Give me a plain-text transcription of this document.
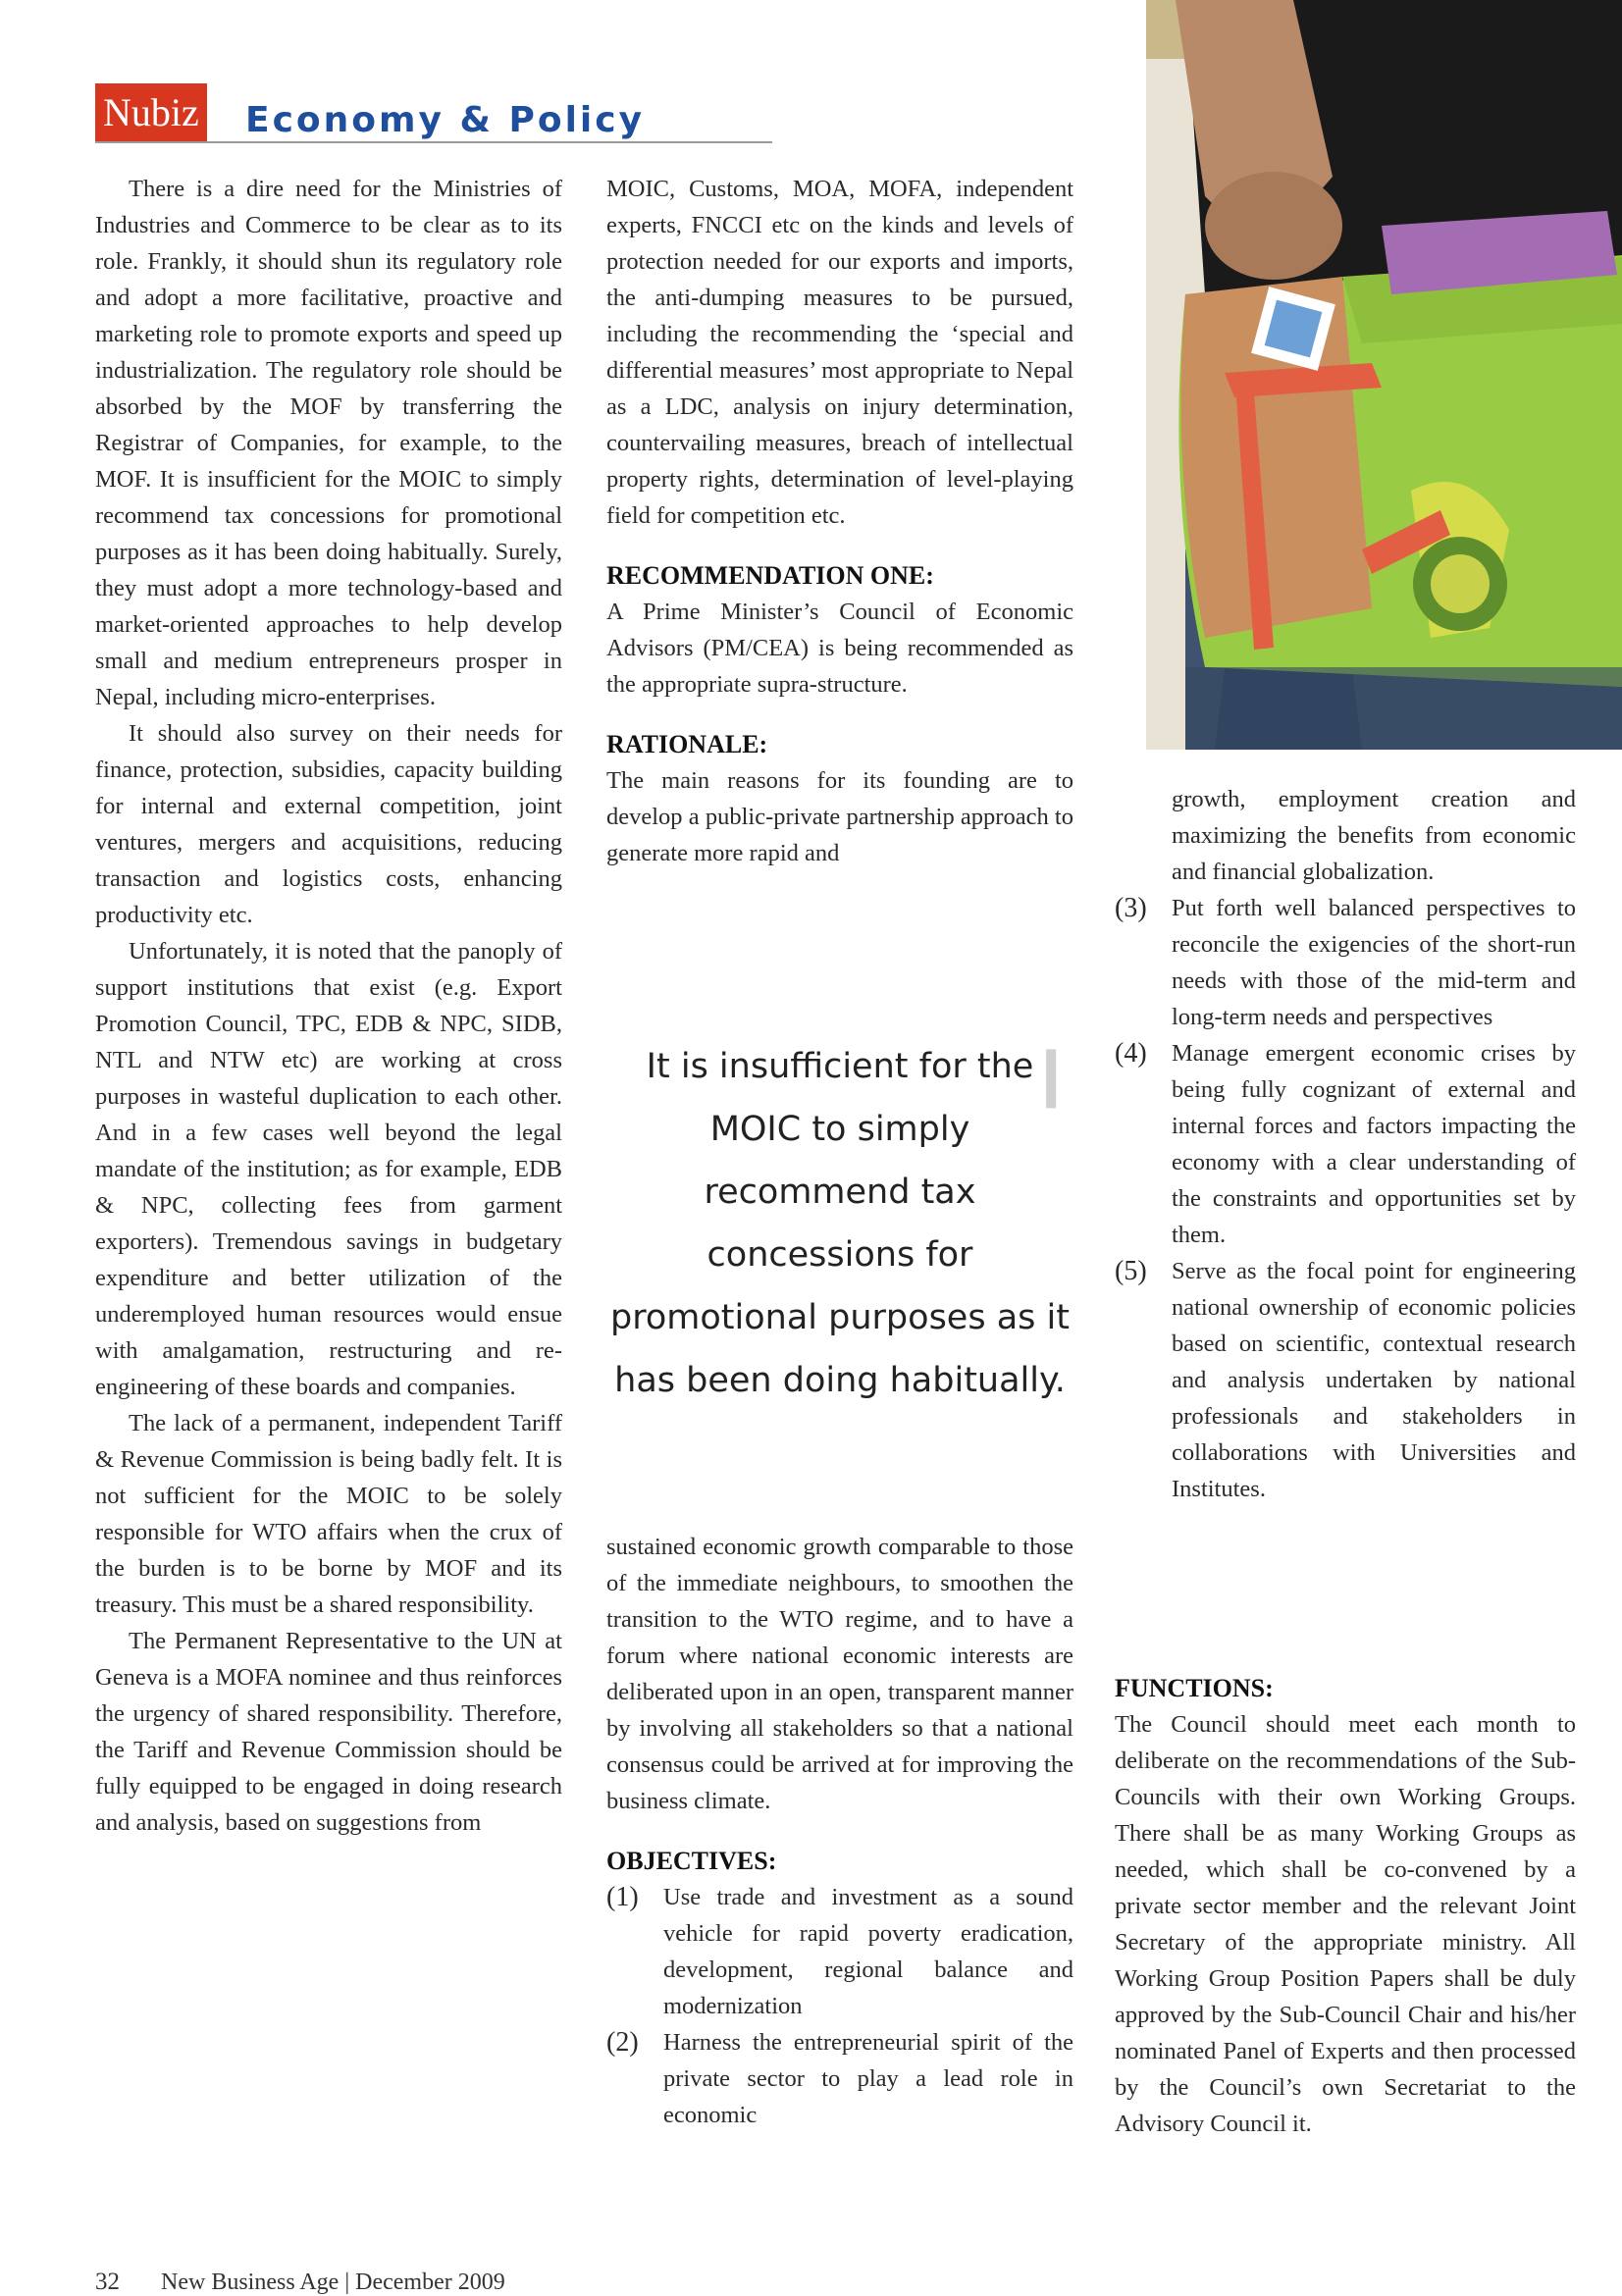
Nubiz Economy & Policy

There is a dire need for the Ministries of Industries and Commerce to be clear as to its role. Frankly, it should shun its regulatory role and adopt a more facilitative, proactive and marketing role to promote exports and speed up industrialization. The regulatory role should be absorbed by the MOF by transferring the Registrar of Companies, for example, to the MOF. It is insufficient for the MOIC to simply recommend tax concessions for promotional purposes as it has been doing habitually. Surely, they must adopt a more technology-based and market-oriented approaches to help develop small and medium entrepreneurs prosper in Nepal, including micro-enterprises.

It should also survey on their needs for finance, protection, subsidies, capacity building for internal and external competition, joint ventures, mergers and acquisitions, reducing transaction and logistics costs, enhancing productivity etc.

Unfortunately, it is noted that the panoply of support institutions that exist (e.g. Export Promotion Council, TPC, EDB & NPC, SIDB, NTL and NTW etc) are working at cross purposes in wasteful duplication to each other. And in a few cases well beyond the legal mandate of the institution; as for example, EDB & NPC, collecting fees from garment exporters). Tremendous savings in budgetary expenditure and better utilization of the underemployed human resources would ensue with amalgamation, restructuring and re-engineering of these boards and companies.

The lack of a permanent, independent Tariff & Revenue Commission is being badly felt. It is not sufficient for the MOIC to be solely responsible for WTO affairs when the crux of the burden is to be borne by MOF and its treasury. This must be a shared responsibility.

The Permanent Representative to the UN at Geneva is a MOFA nominee and thus reinforces the urgency of shared responsibility. Therefore, the Tariff and Revenue Commission should be fully equipped to be engaged in doing research and analysis, based on suggestions from

MOIC, Customs, MOA, MOFA, independent experts, FNCCI etc on the kinds and levels of protection needed for our exports and imports, the anti-dumping measures to be pursued, including the recommending the ‘special and differential measures’ most appropriate to Nepal as a LDC, analysis on injury determination, countervailing measures, breach of intellectual property rights, determination of level-playing field for competition etc.

RECOMMENDATION ONE:

A Prime Minister’s Council of Economic Advisors (PM/CEA) is being recommended as the appropriate supra-structure.

RATIONALE:

The main reasons for its founding are to develop a public-private partnership approach to generate more rapid and

It is insufficient for the MOIC to simply recommend tax concessions for promotional purposes as it has been doing habitually.
❙

sustained economic growth comparable to those of the immediate neighbours, to smoothen the transition to the WTO regime, and to have a forum where national economic interests are deliberated upon in an open, transparent manner by involving all stakeholders so that a national consensus could be arrived at for improving the business climate.

OBJECTIVES:
(1) Use trade and investment as a sound vehicle for rapid poverty eradication, development, regional balance and modernization
(2) Harness the entrepreneurial spirit of the private sector to play a lead role in economic
growth, employment creation and maximizing the benefits from economic and financial globalization.
(3) Put forth well balanced perspectives to reconcile the exigencies of the short-run needs with those of the mid-term and long-term needs and perspectives
(4) Manage emergent economic crises by being fully cognizant of external and internal forces and factors impacting the economy with a clear understanding of the constraints and opportunities set by them.
(5) Serve as the focal point for engineering national ownership of economic policies based on scientific, contextual research and analysis undertaken by national professionals and stakeholders in collaborations with Universities and Institutes.
FUNCTIONS:

The Council should meet each month to deliberate on the recommendations of the Sub-Councils with their own Working Groups. There shall be as many Working Groups as needed, which shall be co-convened by a private sector member and the relevant Joint Secretary of the appropriate ministry. All Working Group Position Papers shall be duly approved by the Sub-Council Chair and his/her nominated Panel of Experts and then processed by the Council’s own Secretariat to the Advisory Council it.

32 New Business Age | December 2009
